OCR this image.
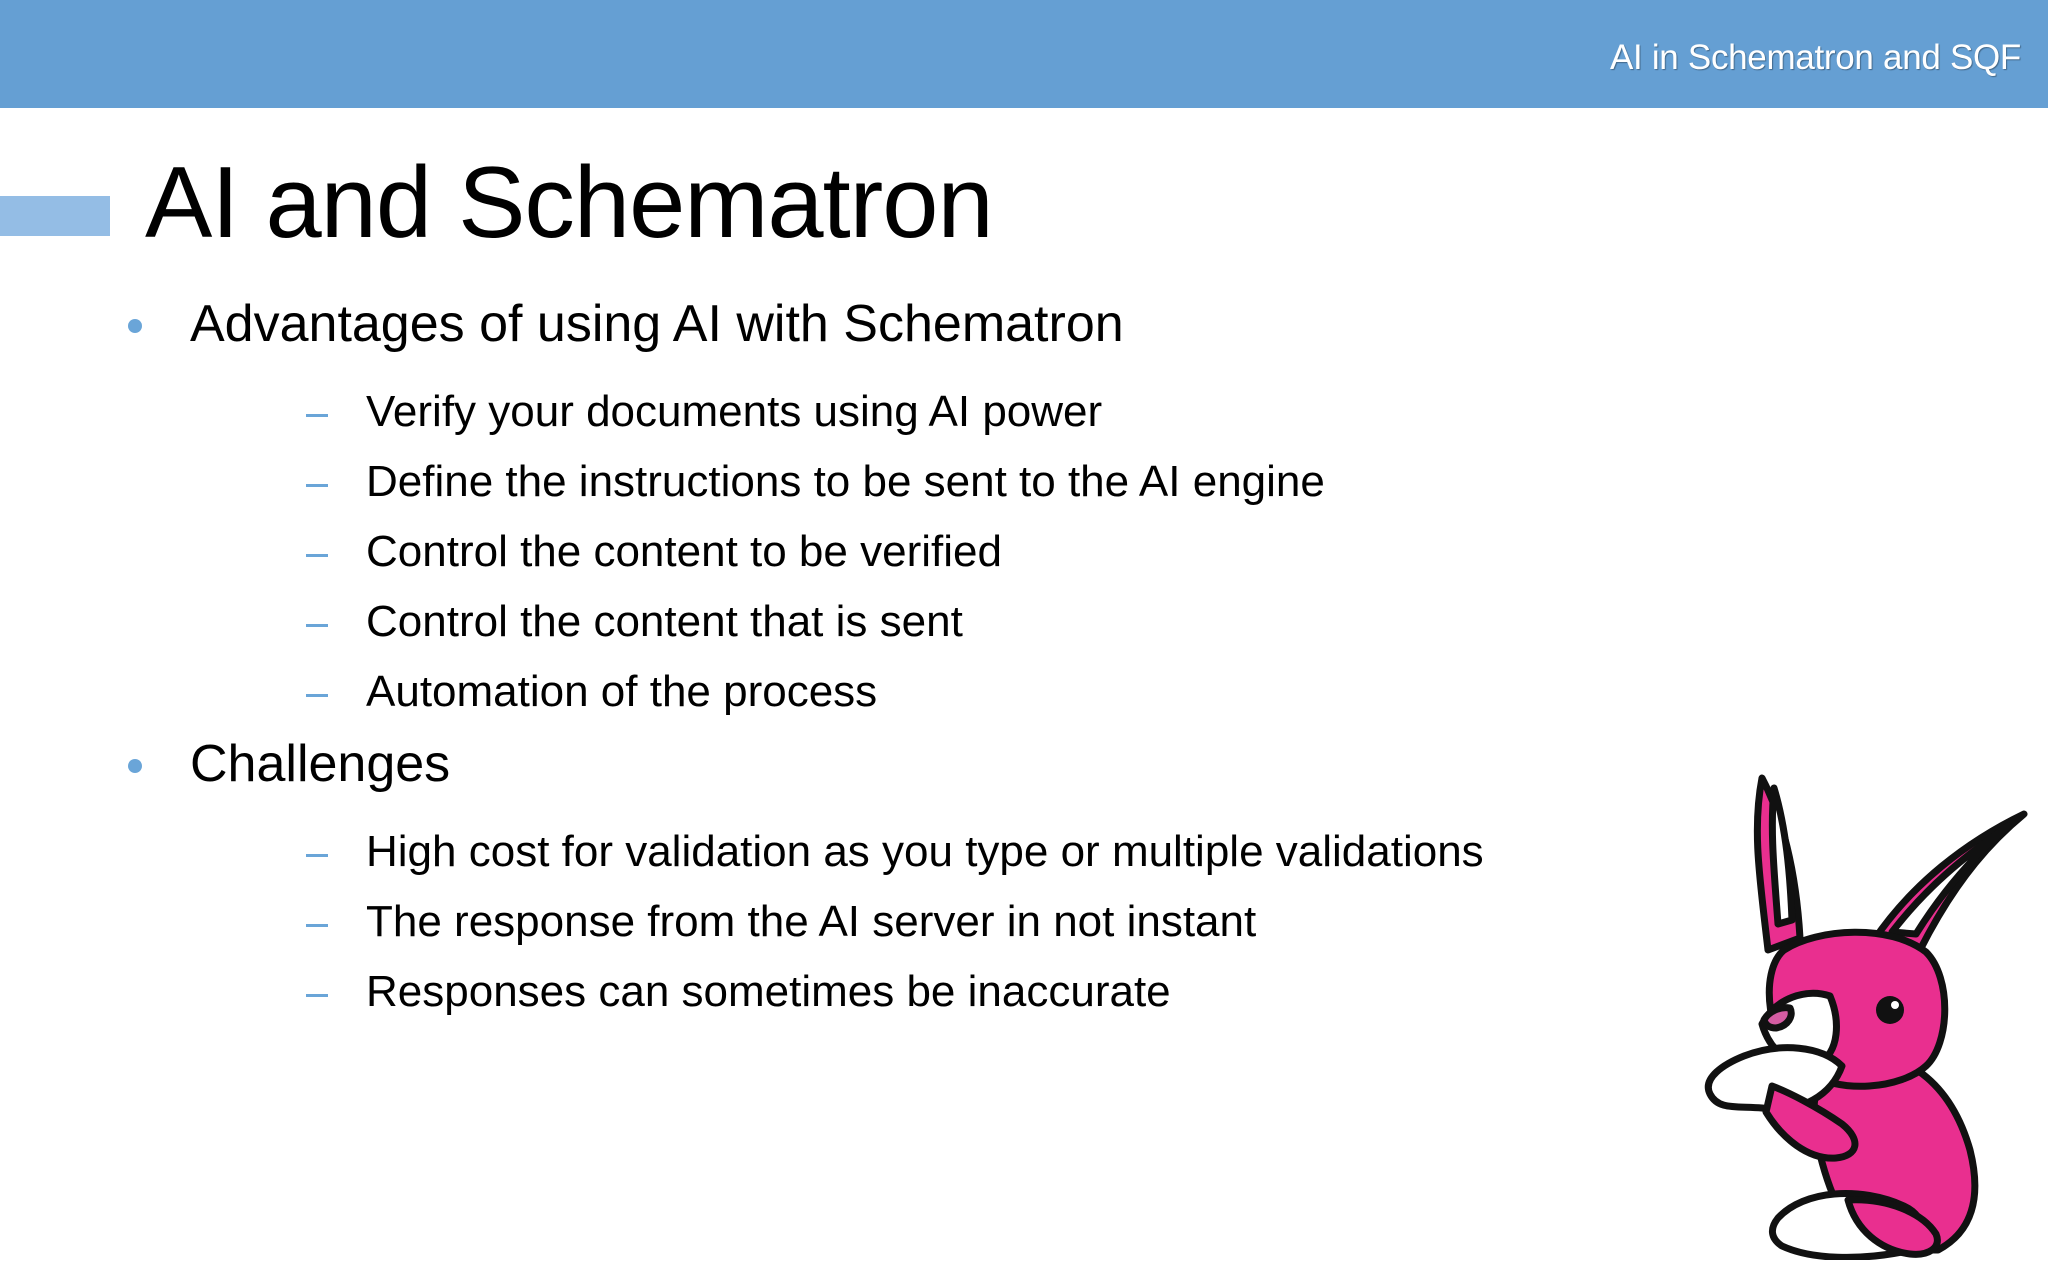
AI in Schematron and SQF
AI and Schematron
Advantages of using AI with Schematron
Verify your documents using AI power
Define the instructions to be sent to the AI engine
Control the content to be verified
Control the content that is sent
Automation of the process
Challenges
High cost for validation as you type or multiple validations
The response from the AI server in not instant
Responses can sometimes be inaccurate
